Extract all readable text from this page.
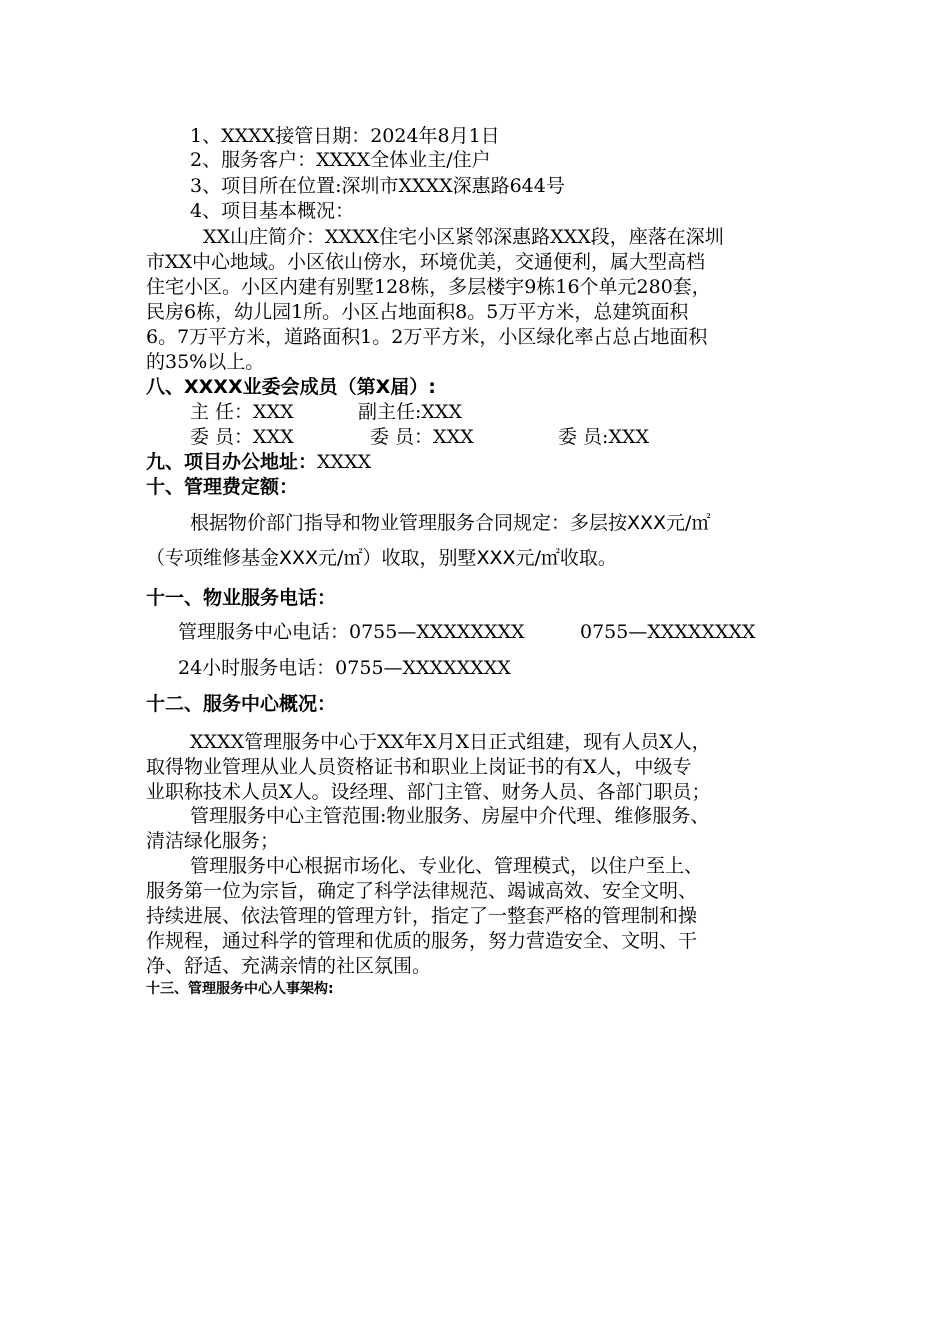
1、XXXX接管日期：2024年8月1日
2、服务客户：XXXX全体业主/住户
3、项目所在位置:深圳市XXXX深惠路644号
4、项目基本概况：
XX山庄简介：XXXX住宅小区紧邻深惠路XXX段，座落在深圳
市XX中心地域。小区依山傍水，环境优美，交通便利，属大型高档
住宅小区。小区内建有别墅128栋，多层楼宇9栋16个单元280套，
民房6栋，幼儿园1所。小区占地面积8。5万平方米，总建筑面积
6。7万平方米，道路面积1。2万平方米，小区绿化率占总占地面积
的35%以上。
八、XXXX业委会成员（第X届）:
主 任：XXX	副主任:XXX
委 员：XXX	委 员：XXX	委 员:XXX
九、项目办公地址：XXXX
十、管理费定额：
根据物价部门指导和物业管理服务合同规定：多层按XXX元/㎡
（专项维修基金XXX元/㎡）收取，别墅XXX元/㎡收取。
十一、物业服务电话：
管理服务中心电话：0755—XXXXXXXX	0755—XXXXXXXX
24小时服务电话：0755—XXXXXXXX
十二、服务中心概况：
XXXX管理服务中心于XX年X月X日正式组建，现有人员X人，
取得物业管理从业人员资格证书和职业上岗证书的有X人，中级专
业职称技术人员X人。设经理、部门主管、财务人员、各部门职员；
管理服务中心主管范围:物业服务、房屋中介代理、维修服务、
清洁绿化服务；
管理服务中心根据市场化、专业化、管理模式，以住户至上、
服务第一位为宗旨，确定了科学法律规范、竭诚高效、安全文明、
持续进展、依法管理的管理方针，指定了一整套严格的管理制和操
作规程，通过科学的管理和优质的服务，努力营造安全、文明、干
净、舒适、充满亲情的社区氛围。
十三、管理服务中心人事架构:
